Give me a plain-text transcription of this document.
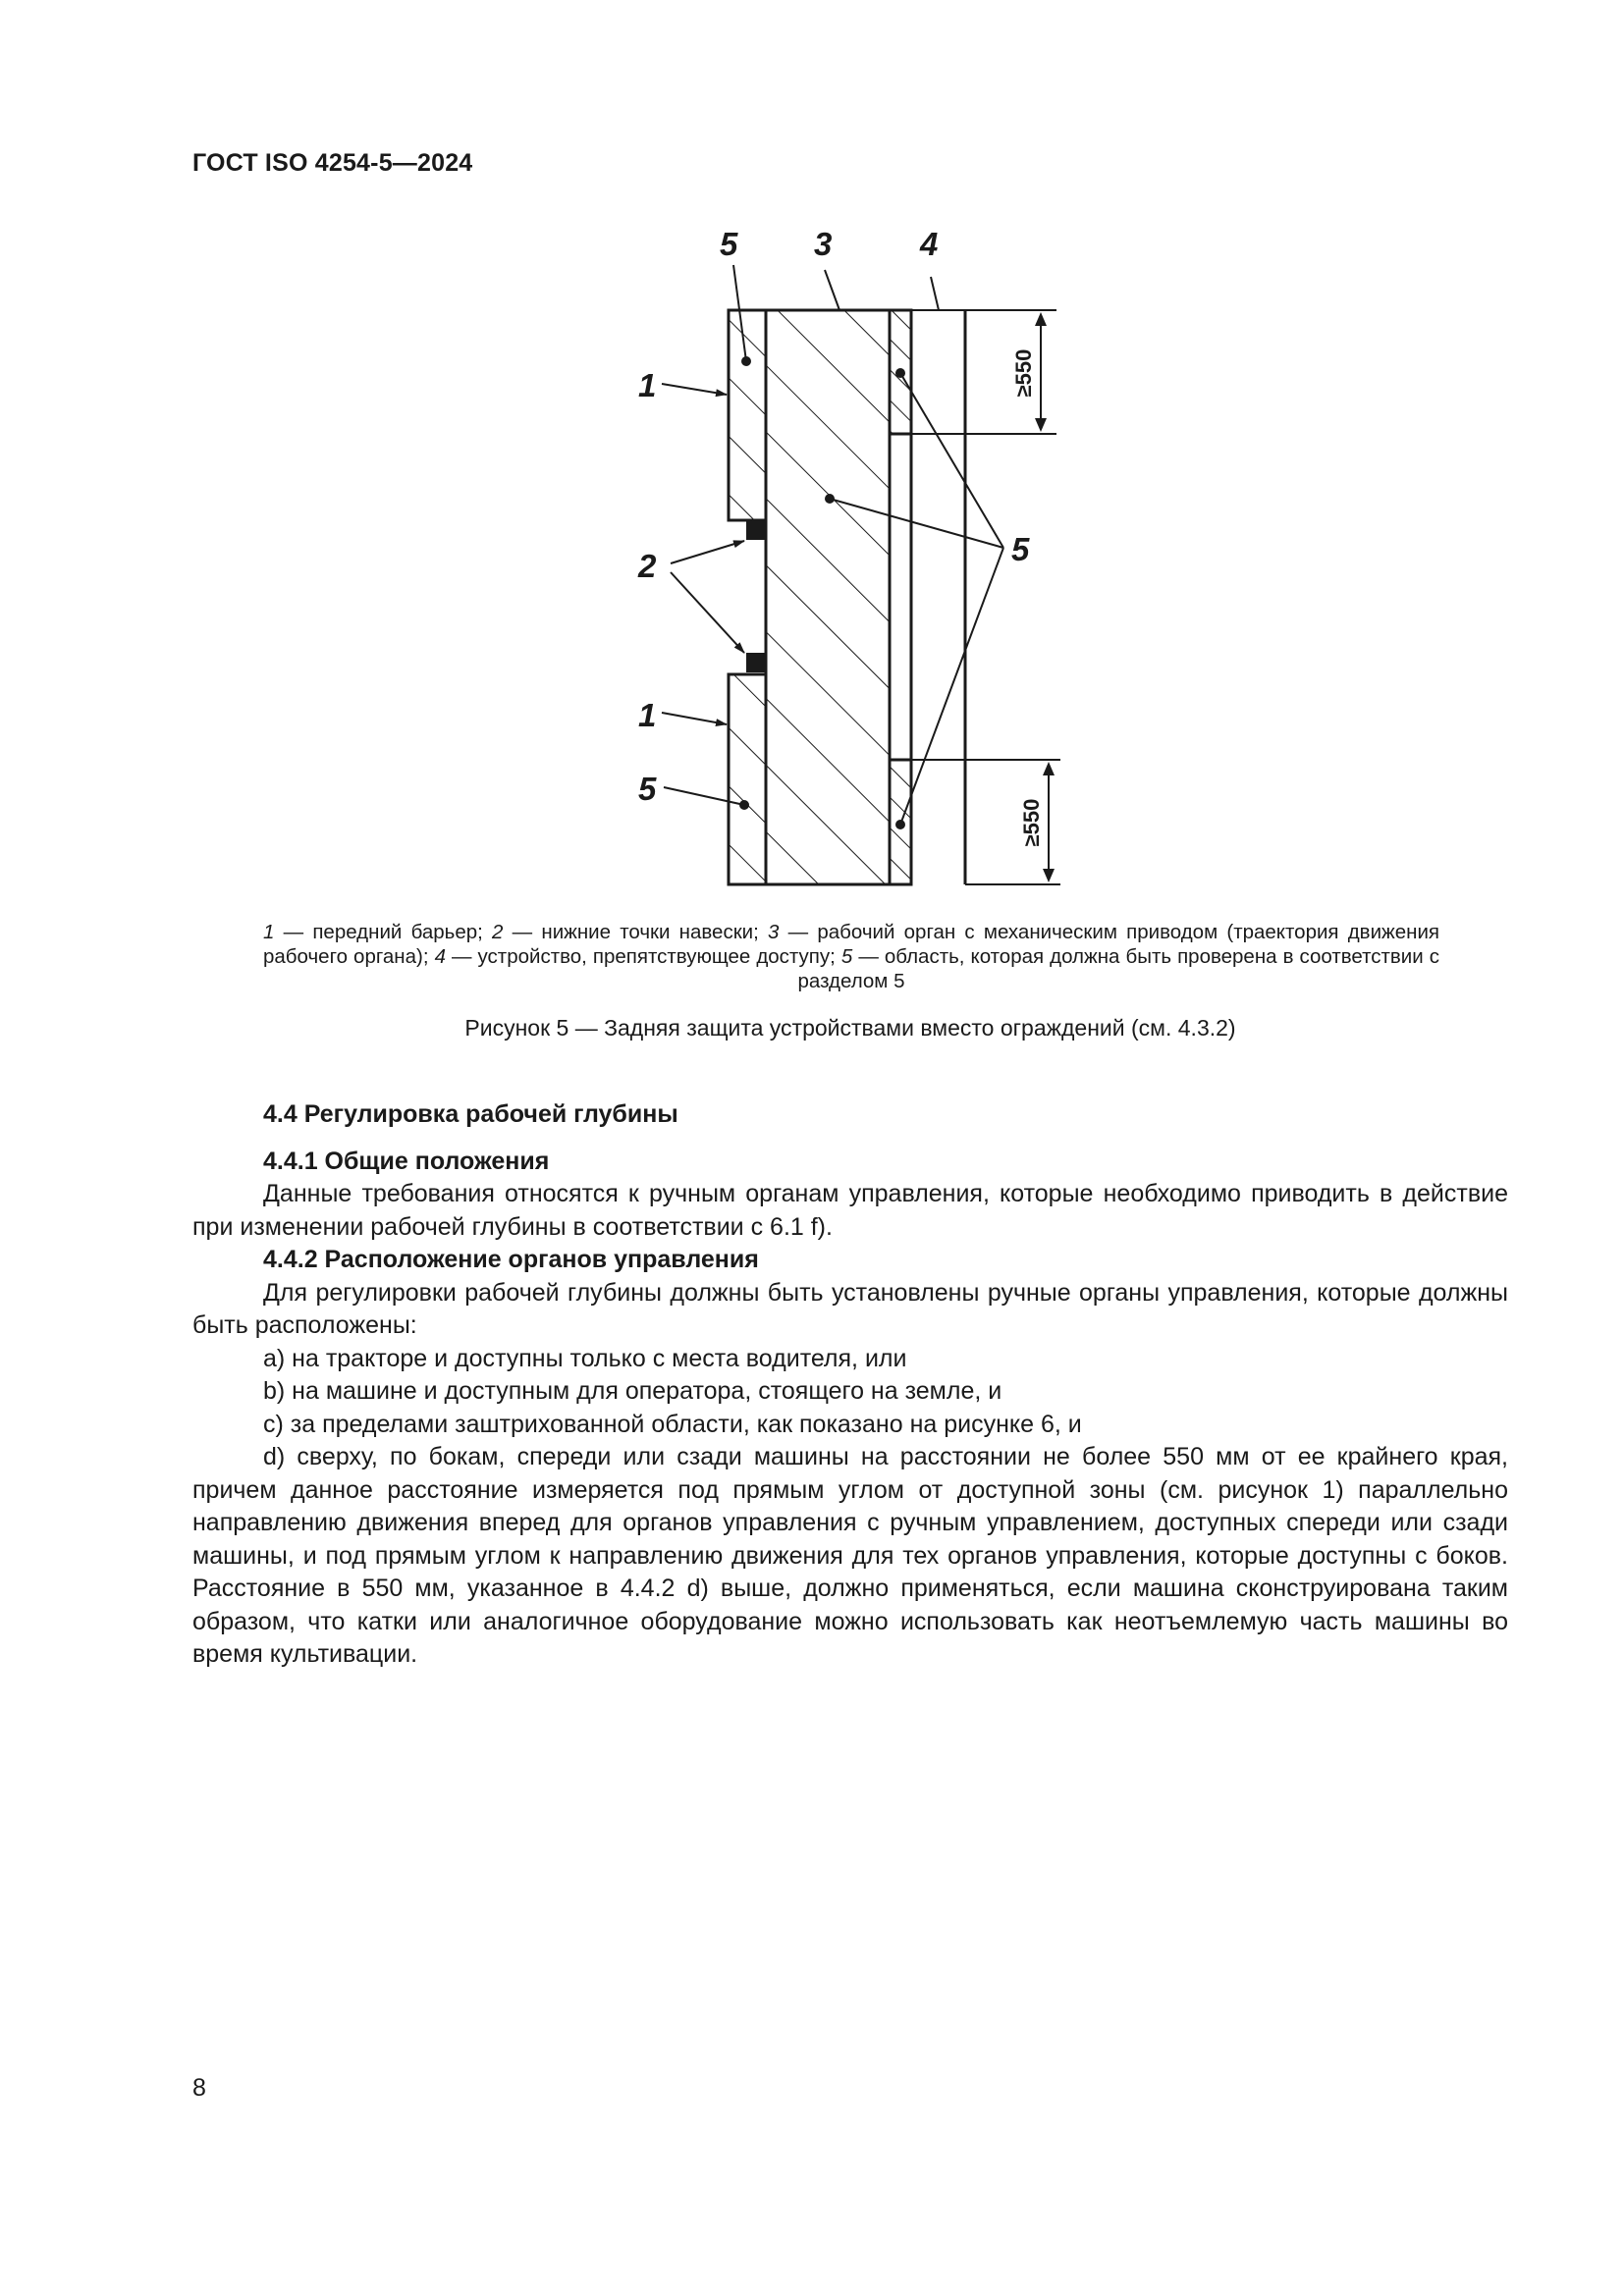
ГОСТ ISO 4254-5—2024
≥550
≥550
5 3	4
1
2
1
5
5
1 — передний барьер; 2 — нижние точки навески; 3 — рабочий орган с механическим приводом (траектория движения рабочего органа); 4 — устройство, препятствующее доступу; 5 — область, которая должна быть проверена в соответствии с разделом 5
Рисунок 5 — Задняя защита устройствами вместо ограждений (см. 4.3.2)
4.4 Регулировка рабочей глубины
4.4.1 Общие положения
Данные требования относятся к ручным органам управления, которые необходимо приводить в действие при изменении рабочей глубины в соответствии с 6.1 f).
4.4.2 Расположение органов управления
Для регулировки рабочей глубины должны быть установлены ручные органы управления, которые должны быть расположены:
a) на тракторе и доступны только с места водителя, или
b) на машине и доступным для оператора, стоящего на земле, и
c) за пределами заштрихованной области, как показано на рисунке 6, и
d) сверху, по бокам, спереди или сзади машины на расстоянии не более 550 мм от ее крайнего края, причем данное расстояние измеряется под прямым углом от доступной зоны (см. рисунок 1) параллельно направлению движения вперед для органов управления с ручным управлением, доступных спереди или сзади машины, и под прямым углом к направлению движения для тех органов управления, которые доступны с боков. Расстояние в 550 мм, указанное в 4.4.2 d) выше, должно применяться, если машина сконструирована таким образом, что катки или аналогичное оборудование можно использовать как неотъемлемую часть машины во время культивации.
8
